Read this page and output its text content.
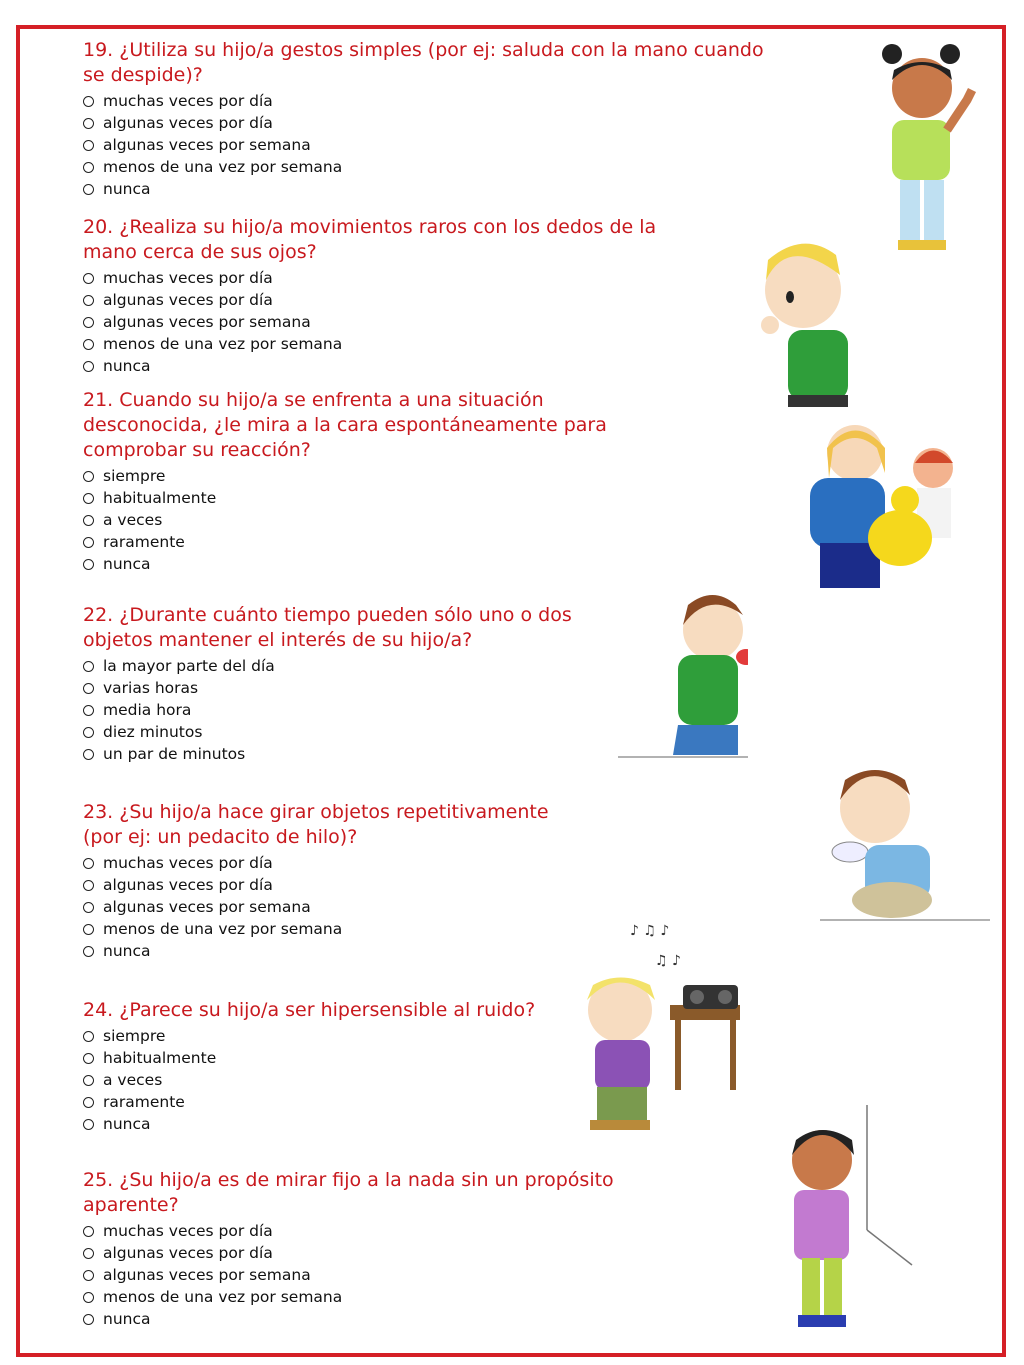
19. ¿Utiliza su hijo/a gestos simples (por ej: saluda con la mano cuando se despide)?
muchas veces por día
algunas veces por día
algunas veces por semana
menos de una vez por semana
nunca
20. ¿Realiza su hijo/a movimientos raros con los dedos de la mano cerca de sus ojos?
muchas veces por día
algunas veces por día
algunas veces por semana
menos de una vez por semana
nunca
21. Cuando su hijo/a se enfrenta a una situación desconocida, ¿le mira a la cara espontáneamente para comprobar su reacción?
siempre
habitualmente
a veces
raramente
nunca
22. ¿Durante cuánto tiempo pueden sólo uno o dos objetos mantener el interés de su hijo/a?
la mayor parte del día
varias horas
media hora
diez minutos
un par de minutos
23. ¿Su hijo/a hace girar objetos repetitivamente (por ej: un pedacito de hilo)?
muchas veces por día
algunas veces por día
algunas veces por semana
menos de una vez por semana
nunca
24. ¿Parece su hijo/a ser hipersensible al ruido?
siempre
habitualmente
a veces
raramente
nunca
25. ¿Su hijo/a es de mirar fijo a la nada sin un propósito aparente?
muchas veces por día
algunas veces por día
algunas veces por semana
menos de una vez por semana
nunca
♪ ♫ ♪
♫ ♪
